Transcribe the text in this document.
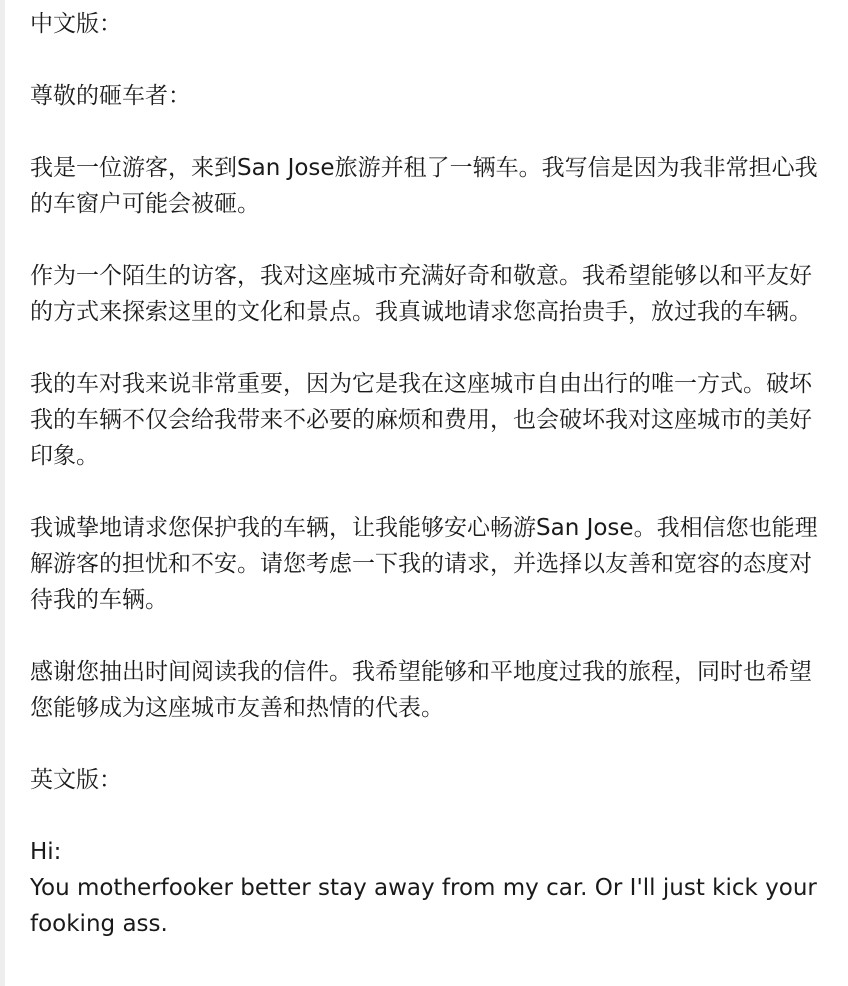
中文版：

尊敬的砸车者：

我是一位游客，来到San Jose旅游并租了一辆车。我写信是因为我非常担心我的车窗户可能会被砸。

作为一个陌生的访客，我对这座城市充满好奇和敬意。我希望能够以和平友好的方式来探索这里的文化和景点。我真诚地请求您高抬贵手，放过我的车辆。

我的车对我来说非常重要，因为它是我在这座城市自由出行的唯一方式。破坏我的车辆不仅会给我带来不必要的麻烦和费用，也会破坏我对这座城市的美好印象。

我诚挚地请求您保护我的车辆，让我能够安心畅游San Jose。我相信您也能理解游客的担忧和不安。请您考虑一下我的请求，并选择以友善和宽容的态度对待我的车辆。

感谢您抽出时间阅读我的信件。我希望能够和平地度过我的旅程，同时也希望您能够成为这座城市友善和热情的代表。

英文版：

Hi:

You motherfooker better stay away from my car. Or I'll just kick your fooking ass.
